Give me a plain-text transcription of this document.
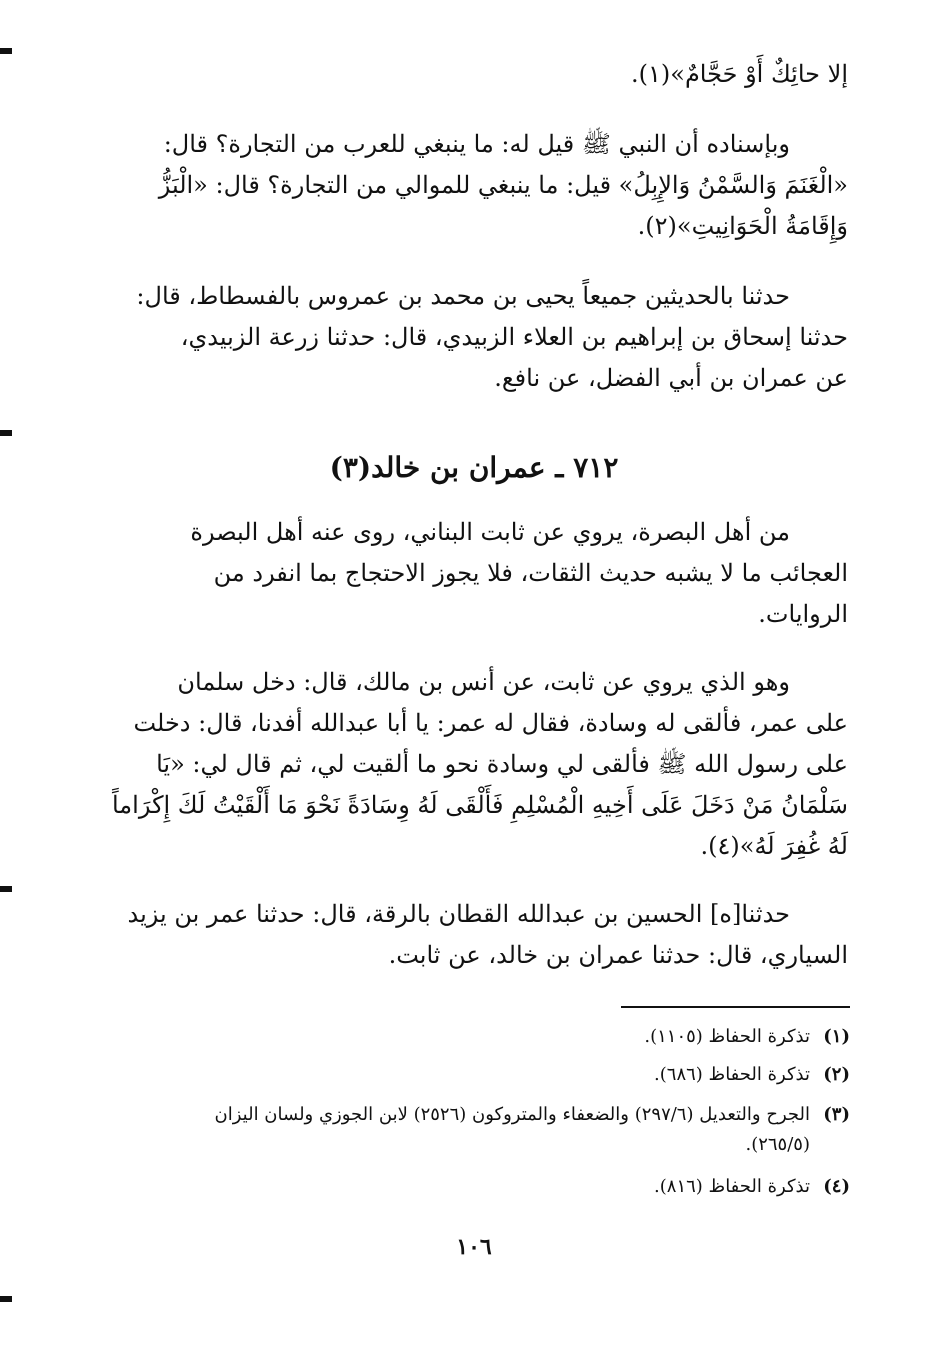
إلا حائِكٌ أَوْ حَجَّامٌ»(١).

وبإسناده أن النبي ﷺ قيل له: ما ينبغي للعرب من التجارة؟ قال:

«الْغَنَمَ وَالسَّمْنُ وَالإِبِلُ» قيل: ما ينبغي للموالي من التجارة؟ قال: «الْبَزُّ

وَإِقَامَةُ الْحَوَانِيتِ»(٢).

حدثنا بالحديثين جميعاً يحيى بن محمد بن عمروس بالفسطاط، قال:

حدثنا إسحاق بن إبراهيم بن العلاء الزبيدي، قال: حدثنا زرعة الزبيدي،

عن عمران بن أبي الفضل، عن نافع.

٧١٢ ـ عمران بن خالد(٣)

من أهل البصرة، يروي عن ثابت البناني، روى عنه أهل البصرة

العجائب ما لا يشبه حديث الثقات، فلا يجوز الاحتجاج بما انفرد من

الروايات.

وهو الذي يروي عن ثابت، عن أنس بن مالك، قال: دخل سلمان

على عمر، فألقى له وسادة، فقال له عمر: يا أبا عبدالله أفدنا، قال: دخلت

على رسول الله ﷺ فألقى لي وسادة نحو ما ألقيت لي، ثم قال لي: «يَا

سَلْمَانُ مَنْ دَخَلَ عَلَى أَخِيهِ الْمُسْلِمِ فَأَلْقَى لَهُ وِسَادَةً نَحْوَ مَا أَلْقَيْتُ لَكَ إِكْرَاماً

لَهُ غُفِرَ لَهُ»(٤).

حدثنا[ه] الحسين بن عبدالله القطان بالرقة، قال: حدثنا عمر بن يزيد

السياري، قال: حدثنا عمران بن خالد، عن ثابت.

(١)تذكرة الحفاظ (١١٠٥).
(٢)تذكرة الحفاظ (٦٨٦).
(٣)الجرح والتعديل (٢٩٧/٦) والضعفاء والمتروكون (٢٥٢٦) لابن الجوزي ولسان اليزان
(٢٦٥/٥).
(٤)تذكرة الحفاظ (٨١٦).
١٠٦
